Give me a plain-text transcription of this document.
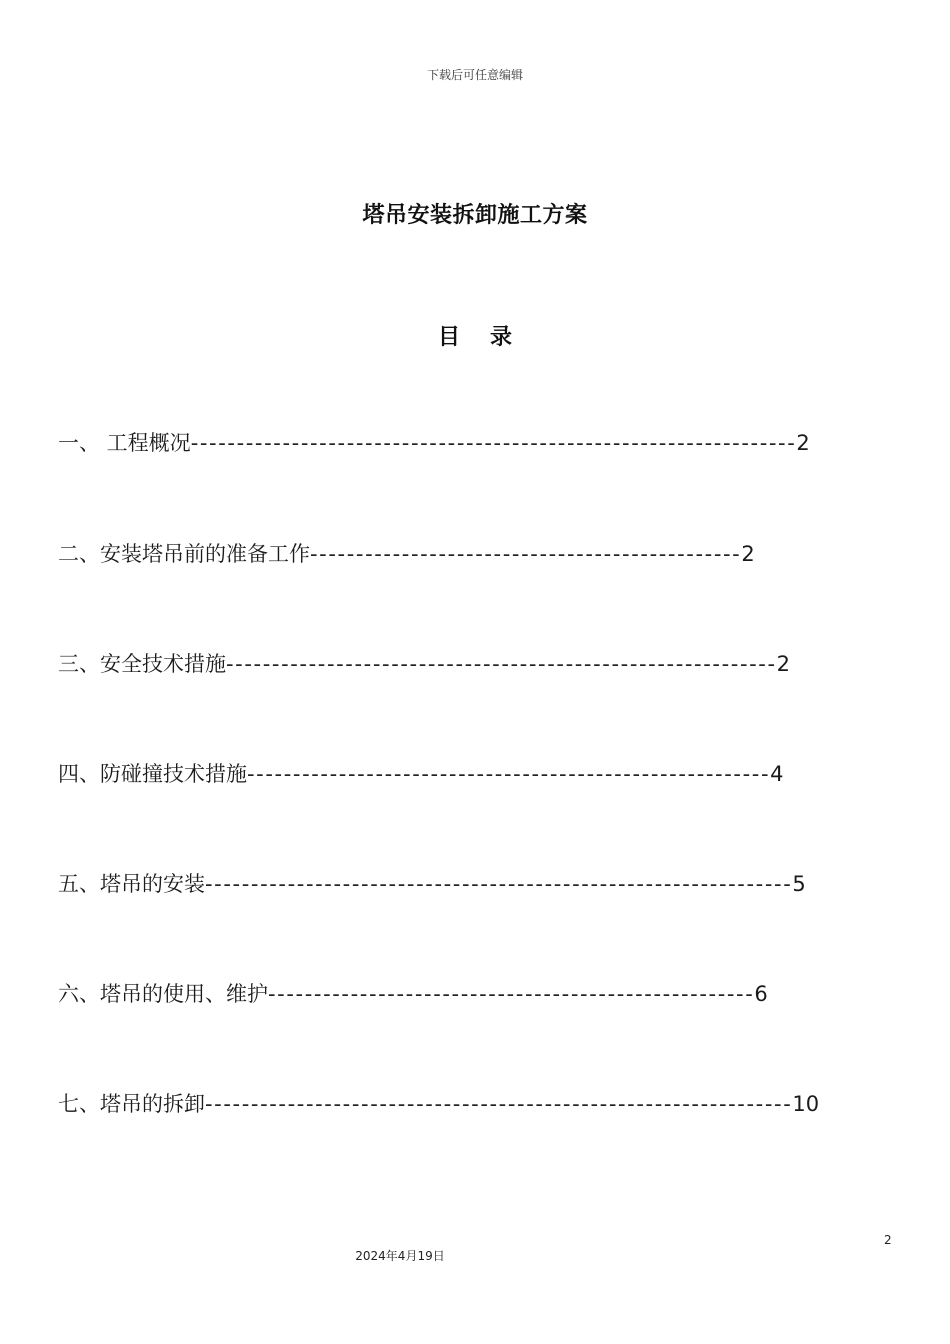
下载后可任意编辑
塔吊安装拆卸施工方案
目录
一、 工程概况------------------------------------------------------------------2
二、安装塔吊前的准备工作-----------------------------------------------2
三、安全技术措施------------------------------------------------------------2
四、防碰撞技术措施---------------------------------------------------------4
五、塔吊的安装----------------------------------------------------------------5
六、塔吊的使用、维护-----------------------------------------------------6
七、塔吊的拆卸----------------------------------------------------------------10
2
2024年4月19日
